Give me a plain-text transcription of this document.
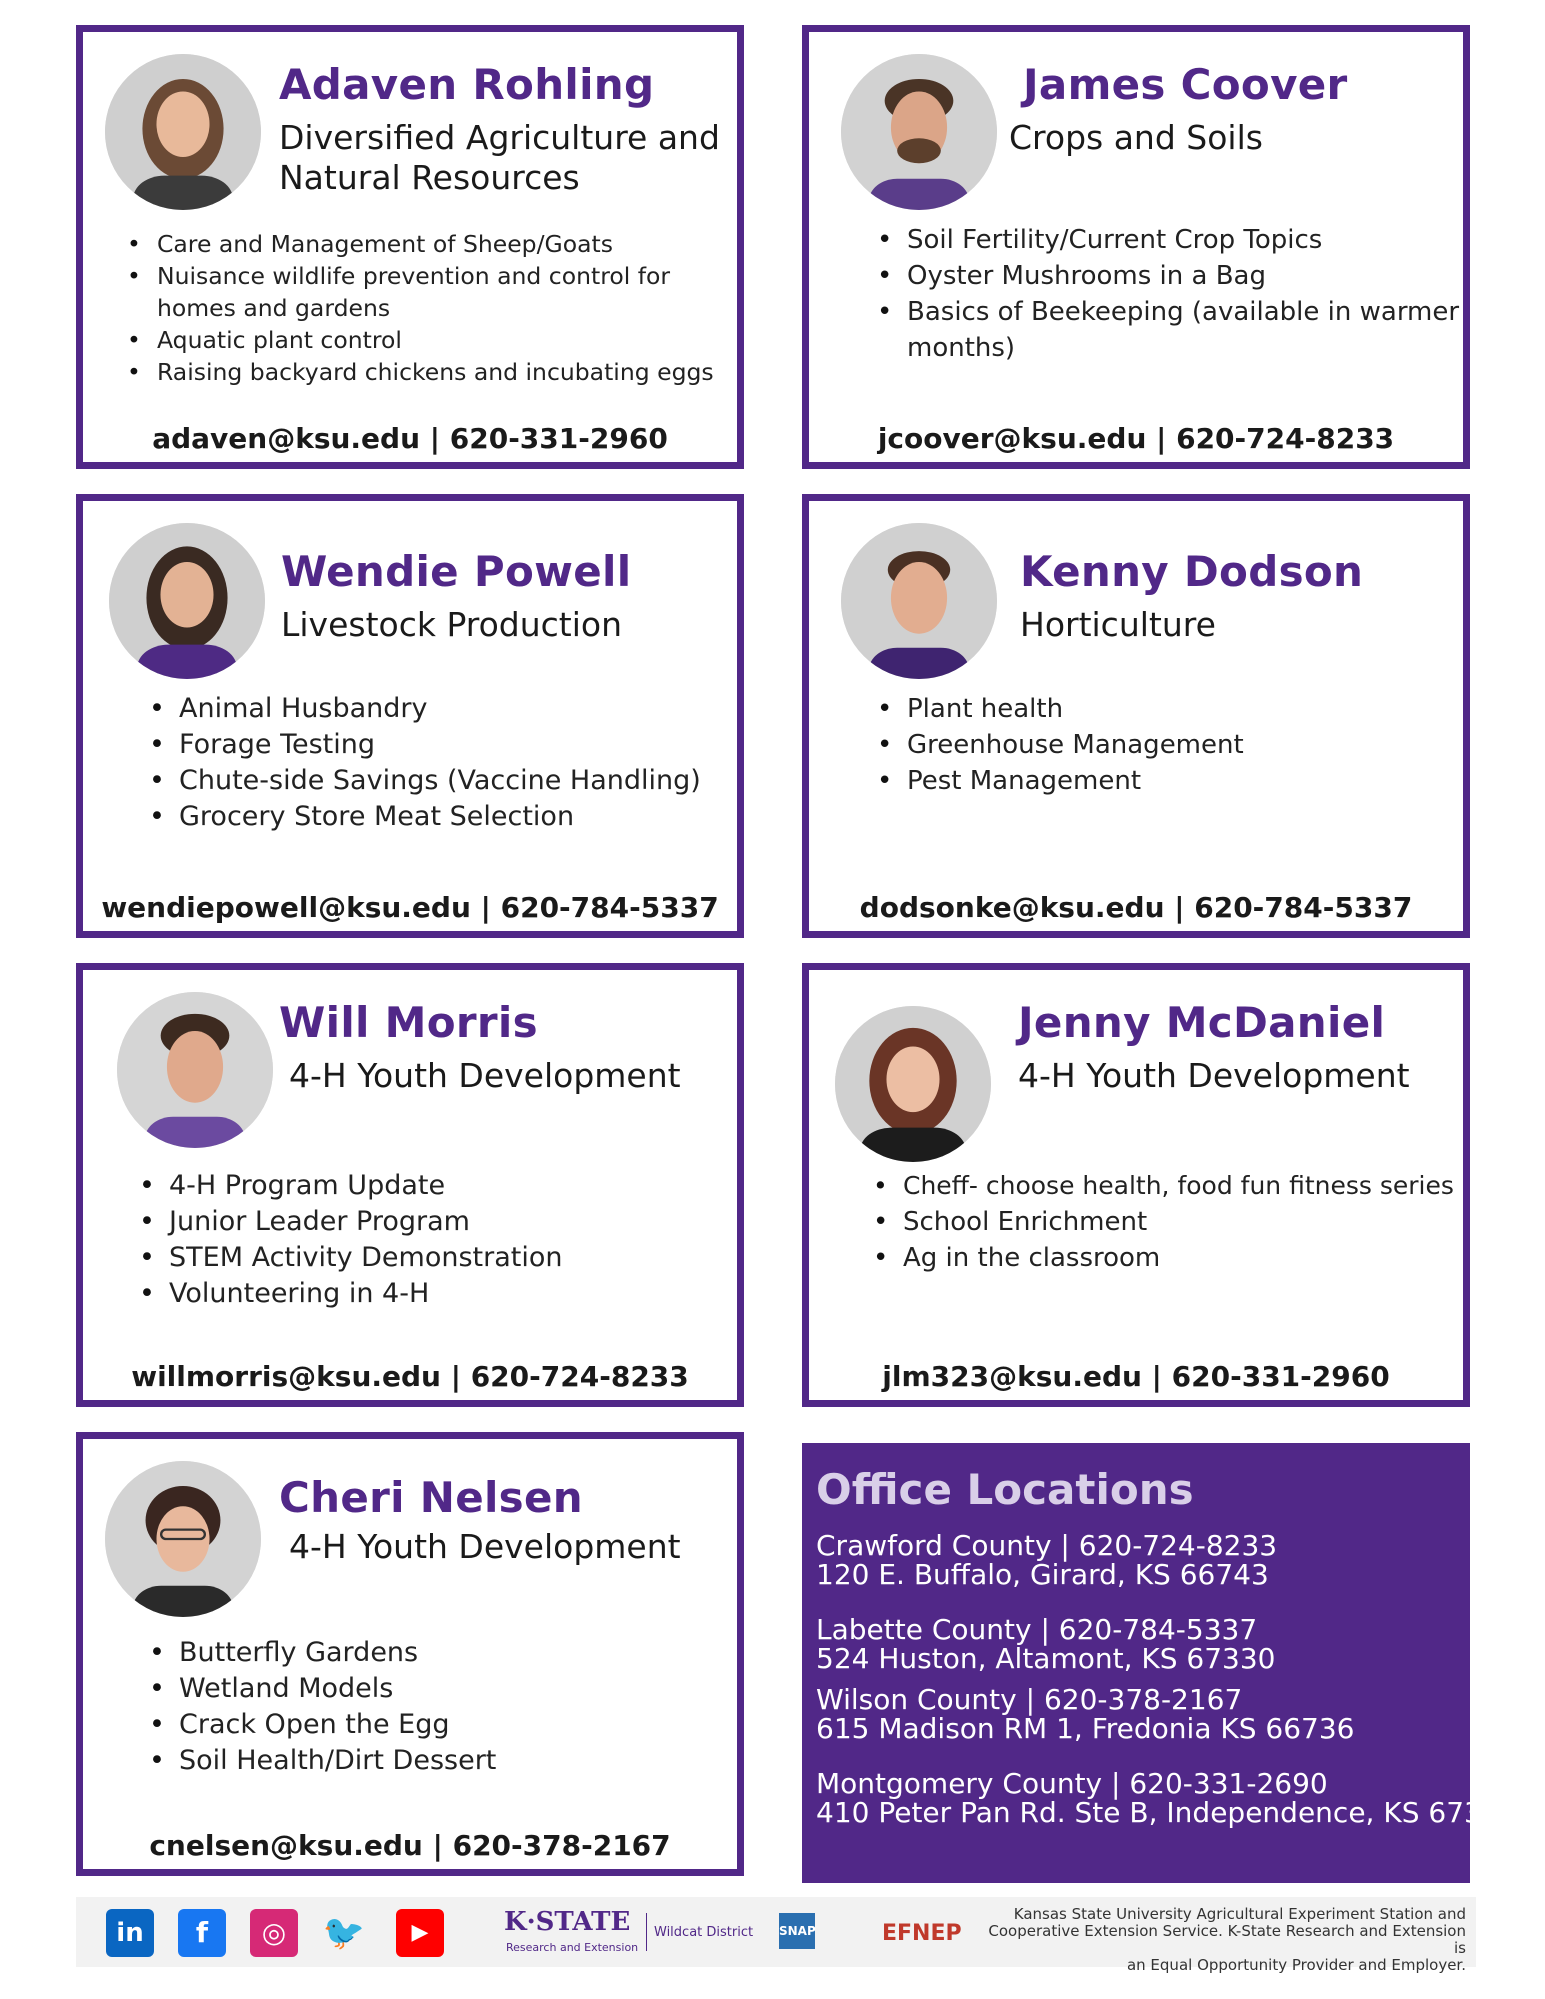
Adaven Rohling
Diversified Agriculture and
Natural Resources
• Care and Management of Sheep/Goats
• Nuisance wildlife prevention and control for homes and gardens
• Aquatic plant control
• Raising backyard chickens and incubating eggs
adaven@ksu.edu | 620-331-2960
James Coover
Crops and Soils
• Soil Fertility/Current Crop Topics
• Oyster Mushrooms in a Bag
• Basics of Beekeeping (available in warmer months)
jcoover@ksu.edu | 620-724-8233
Wendie Powell
Livestock Production
• Animal Husbandry
• Forage Testing
• Chute-side Savings (Vaccine Handling)
• Grocery Store Meat Selection
wendiepowell@ksu.edu | 620-784-5337
Kenny Dodson
Horticulture
• Plant health
• Greenhouse Management
• Pest Management
dodsonke@ksu.edu | 620-784-5337
Will Morris
4-H Youth Development
• 4-H Program Update
• Junior Leader Program
• STEM Activity Demonstration
• Volunteering in 4-H
willmorris@ksu.edu | 620-724-8233
Jenny McDaniel
4-H Youth Development
• Cheff- choose health, food fun fitness series
• School Enrichment
• Ag in the classroom
jlm323@ksu.edu | 620-331-2960
Cheri Nelsen
4-H Youth Development
• Butterfly Gardens
• Wetland Models
• Crack Open the Egg
• Soil Health/Dirt Dessert
cnelsen@ksu.edu | 620-378-2167
Office Locations
Crawford County | 620-724-8233
120 E. Buffalo, Girard, KS 66743
Labette County | 620-784-5337
524 Huston, Altamont, KS 67330
Wilson County | 620-378-2167
615 Madison RM 1, Fredonia KS 66736
Montgomery County | 620-331-2690
410 Peter Pan Rd. Ste B, Independence, KS 67301
in	f	◎	🐦	▶	K·STATE
Research and Extension
Wildcat District SNAP	EFNEP
Kansas State University Agricultural Experiment Station and
Cooperative Extension Service. K-State Research and Extension is
an Equal Opportunity Provider and Employer.
